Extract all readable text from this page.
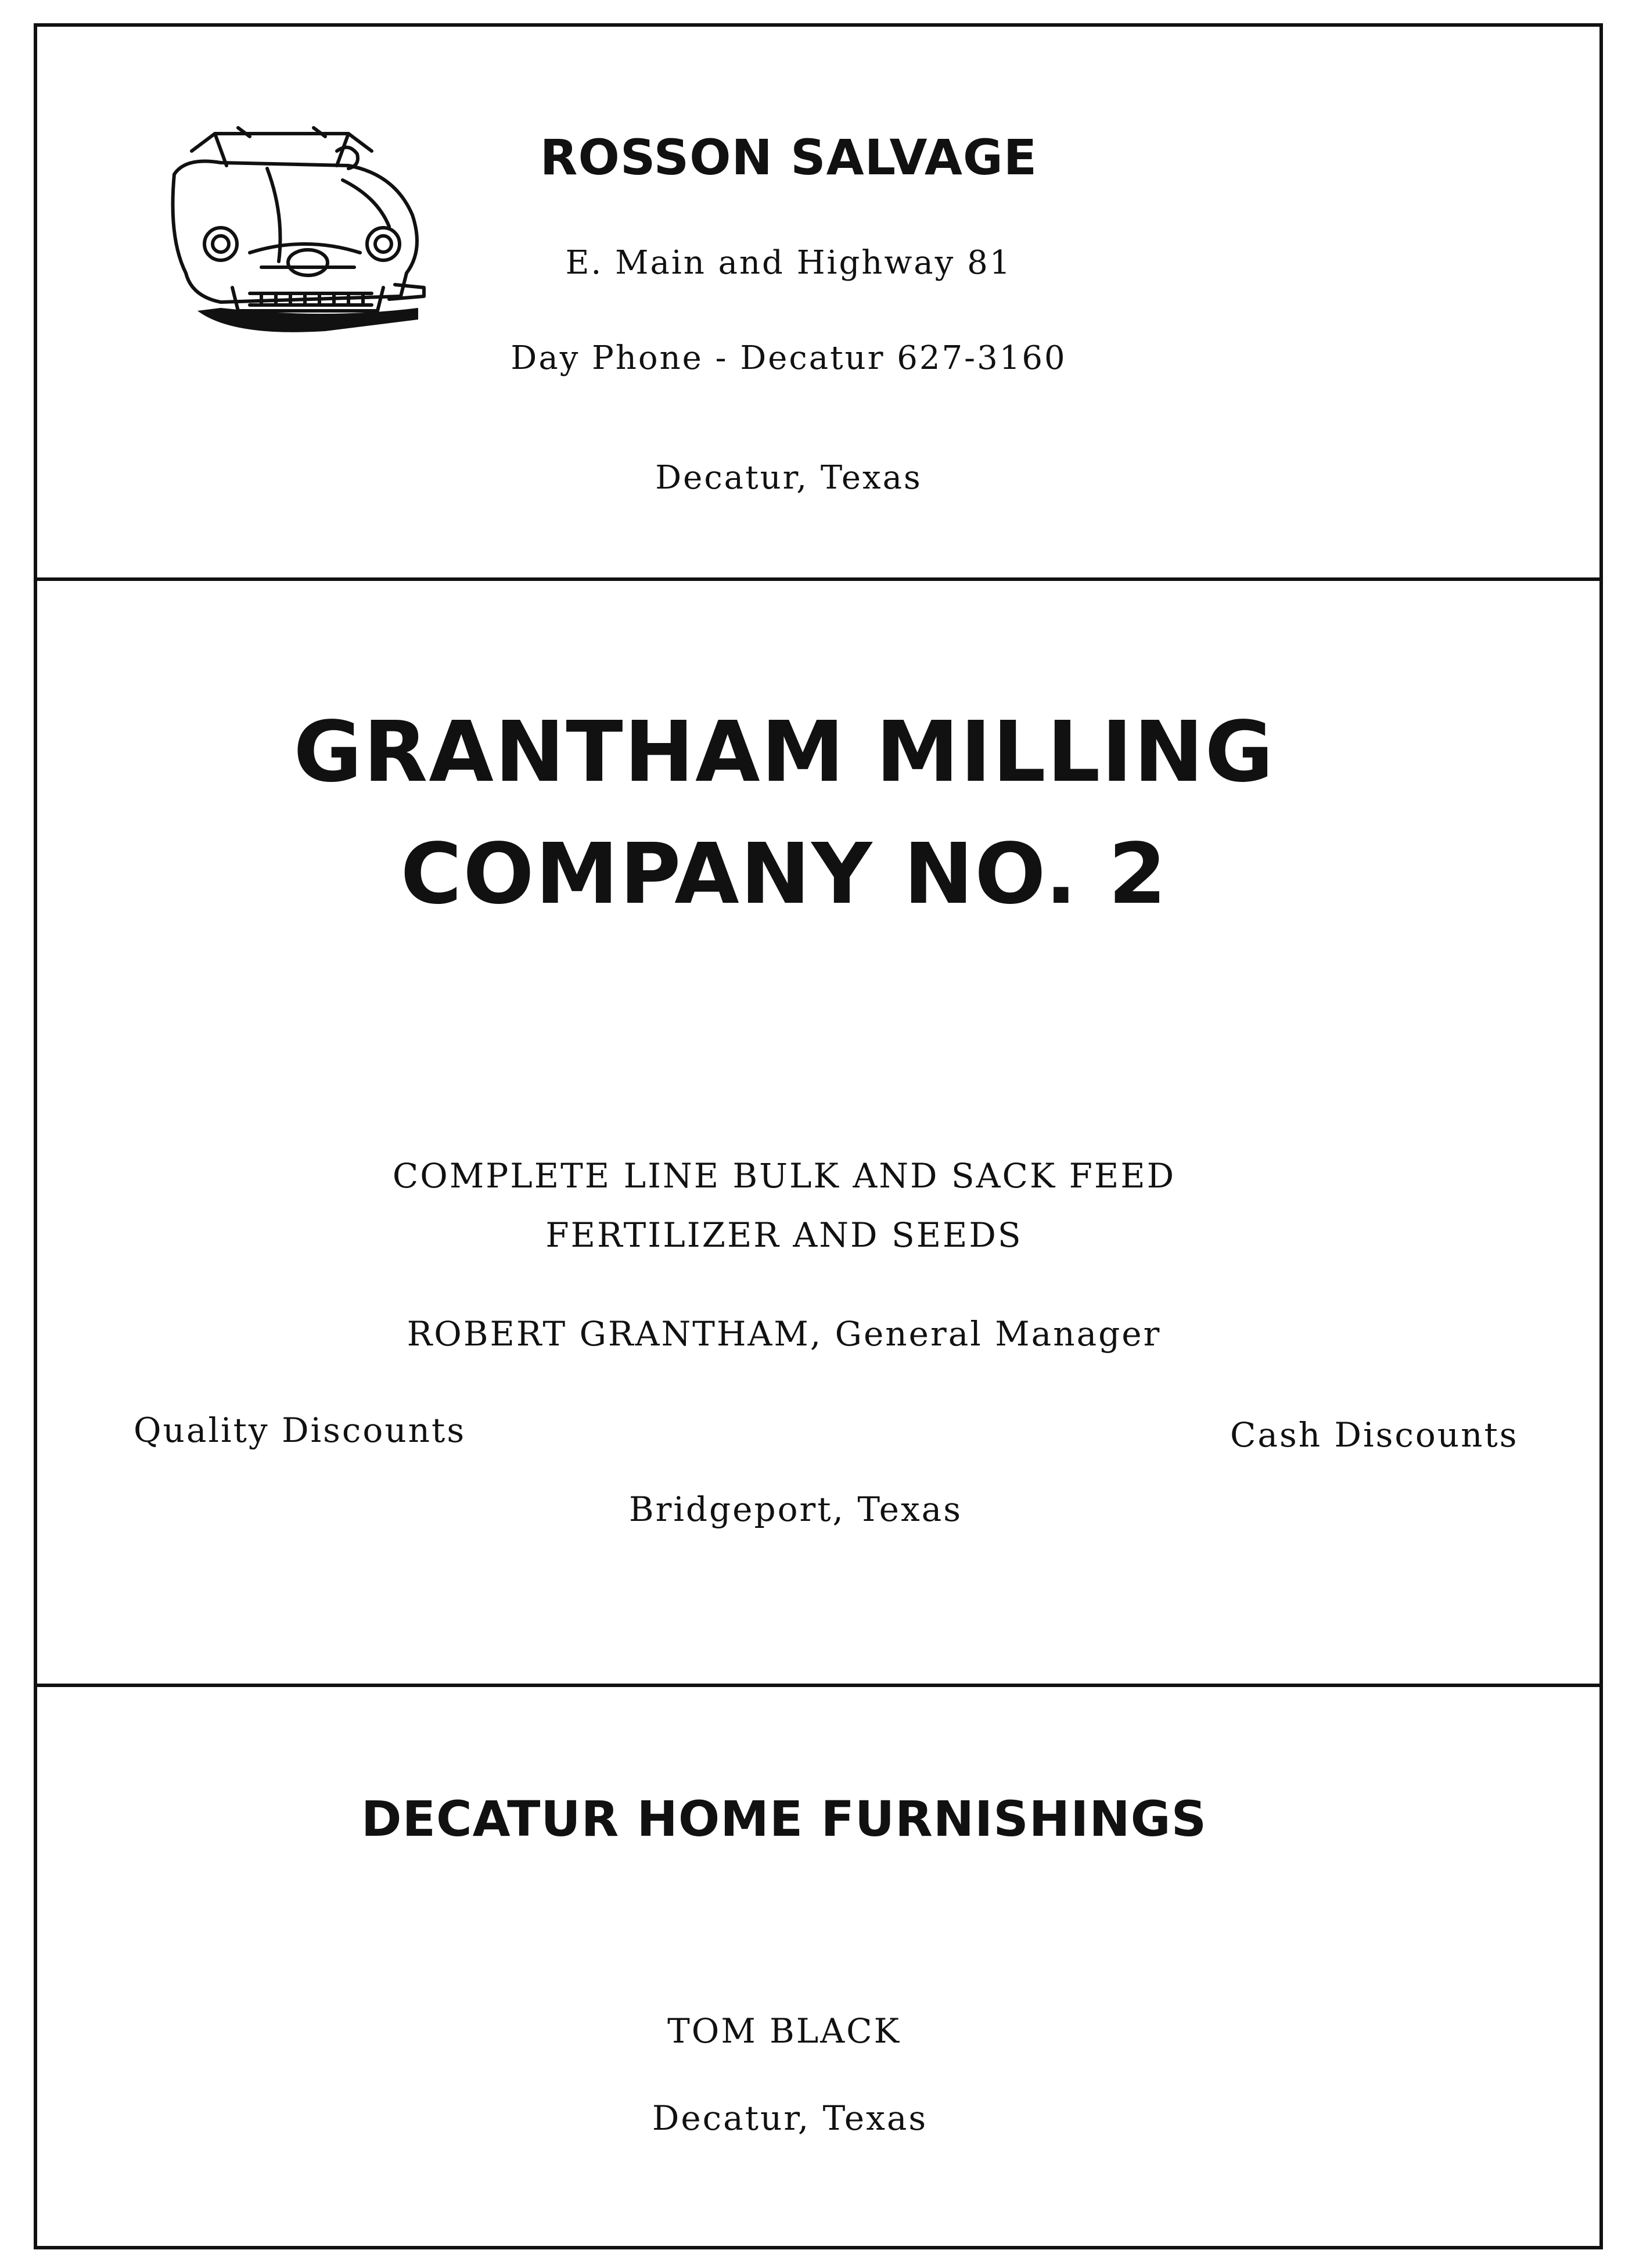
ROSSON SALVAGE
E. Main and Highway 81
Day Phone - Decatur 627-3160
Decatur, Texas
GRANTHAM MILLING
COMPANY NO. 2
COMPLETE LINE BULK AND SACK FEED
FERTILIZER AND SEEDS
ROBERT GRANTHAM, General Manager
Quality Discounts	Cash Discounts
Bridgeport, Texas
DECATUR HOME FURNISHINGS
TOM BLACK
Decatur, Texas
